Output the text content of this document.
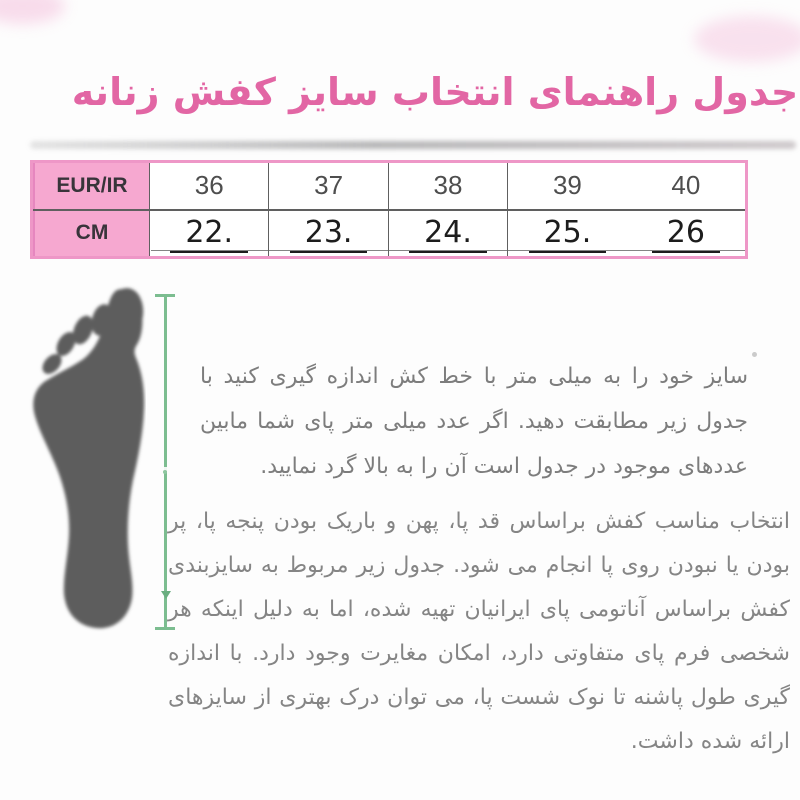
جدول راهنمای انتخاب سایز کفش زنانه
EUR/IR	36	37	38	39	40
CM	22.	23.	24.	25.	26

سایز خود را به میلی متر با خط کش اندازه گیری کنید با جدول زیر مطابقت دهید. اگر عدد میلی متر پای شما مابین عددهای موجود در جدول است آن را به بالا گرد نمایید.

انتخاب مناسب کفش براساس قد پا، پهن و باریک بودن پنجه پا، پر بودن یا نبودن روی پا انجام می شود. جدول زیر مربوط به سایزبندی کفش براساس آناتومی پای ایرانیان تهیه شده، اما به دلیل اینکه هر شخصی فرم پای متفاوتی دارد، امکان مغایرت وجود دارد. با اندازه گیری طول پاشنه تا نوک شست پا، می توان درک بهتری از سایزهای ارائه شده داشت.
